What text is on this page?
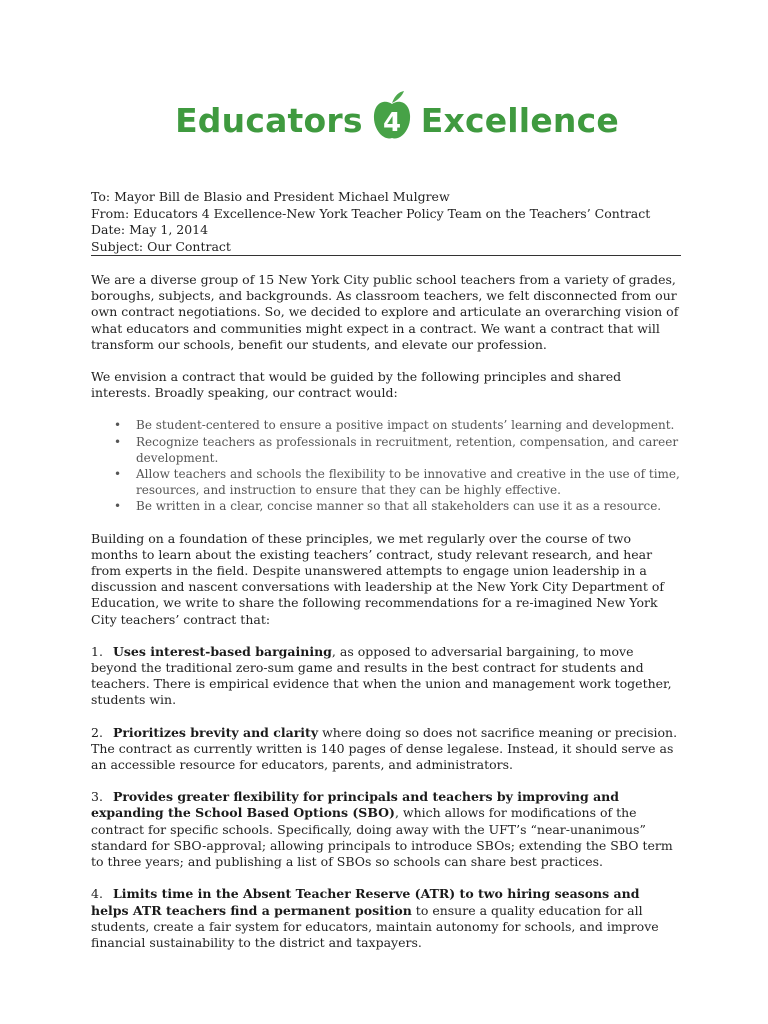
Educators 4 Excellence
To: Mayor Bill de Blasio and President Michael Mulgrew
From: Educators 4 Excellence-New York Teacher Policy Team on the Teachers’ Contract
Date: May 1, 2014
Subject: Our Contract

We are a diverse group of 15 New York City public school teachers from a variety of grades, boroughs, subjects, and backgrounds. As classroom teachers, we felt disconnected from our own contract negotiations. So, we decided to explore and articulate an overarching vision of what educators and communities might expect in a contract. We want a contract that will transform our schools, benefit our students, and elevate our profession.

We envision a contract that would be guided by the following principles and shared interests. Broadly speaking, our contract would:

• Be student-centered to ensure a positive impact on students’ learning and development.
• Recognize teachers as professionals in recruitment, retention, compensation, and career development.
• Allow teachers and schools the flexibility to be innovative and creative in the use of time, resources, and instruction to ensure that they can be highly effective.
• Be written in a clear, concise manner so that all stakeholders can use it as a resource.

Building on a foundation of these principles, we met regularly over the course of two months to learn about the existing teachers’ contract, study relevant research, and hear from experts in the field. Despite unanswered attempts to engage union leadership in a discussion and nascent conversations with leadership at the New York City Department of Education, we write to share the following recommendations for a re-imagined New York City teachers’ contract that:

1. Uses interest-based bargaining, as opposed to adversarial bargaining, to move beyond the traditional zero-sum game and results in the best contract for students and teachers. There is empirical evidence that when the union and management work together, students win.

2. Prioritizes brevity and clarity where doing so does not sacrifice meaning or precision. The contract as currently written is 140 pages of dense legalese. Instead, it should serve as an accessible resource for educators, parents, and administrators.

3. Provides greater flexibility for principals and teachers by improving and expanding the School Based Options (SBO), which allows for modifications of the contract for specific schools. Specifically, doing away with the UFT’s “near-unanimous” standard for SBO-approval; allowing principals to introduce SBOs; extending the SBO term to three years; and publishing a list of SBOs so schools can share best practices.

4. Limits time in the Absent Teacher Reserve (ATR) to two hiring seasons and helps ATR teachers find a permanent position to ensure a quality education for all students, create a fair system for educators, maintain autonomy for schools, and improve financial sustainability to the district and taxpayers.
